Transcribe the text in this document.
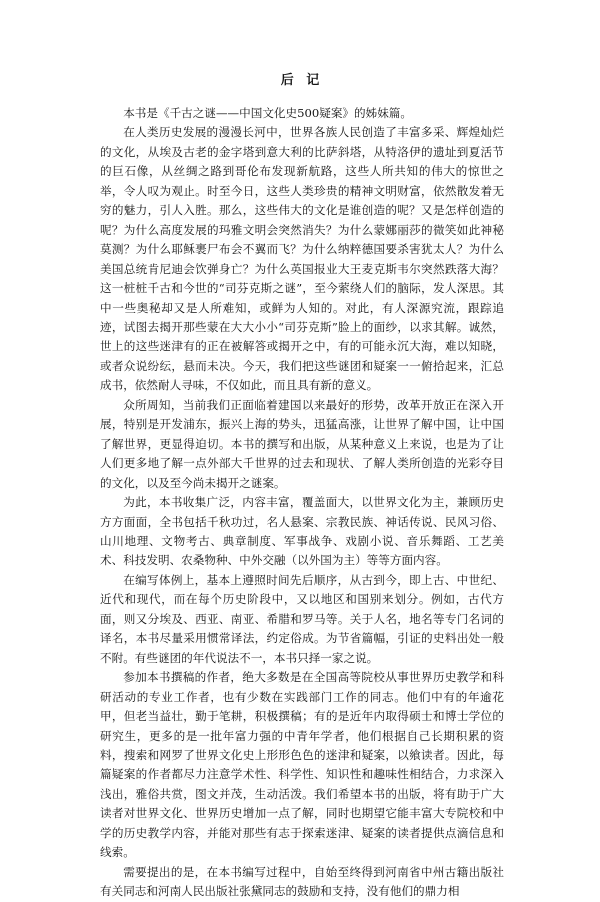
后 记

本书是《千古之谜——中国文化史500疑案》的姊妹篇。

在人类历史发展的漫漫长河中，世界各族人民创造了丰富多采、辉煌灿烂的文化，从埃及古老的金字塔到意大利的比萨斜塔，从特洛伊的遗址到夏活节的巨石像，从丝绸之路到哥伦布发现新航路，这些人所共知的伟大的惊世之举，令人叹为观止。时至今日，这些人类珍贵的精神文明财富，依然散发着无穷的魅力，引人入胜。那么，这些伟大的文化是谁创造的呢？又是怎样创造的呢？为什么高度发展的玛雅文明会突然消失？为什么蒙娜丽莎的微笑如此神秘莫测？为什么耶稣裹尸布会不翼而飞？为什么纳粹德国要杀害犹太人？为什么美国总统肯尼迪会饮弹身亡？为什么英国报业大王麦克斯韦尔突然跌落大海？这一桩桩千古和今世的“司芬克斯之谜”，至今萦绕人们的脑际，发人深思。其中一些奥秘却又是人所难知，或鲜为人知的。对此，有人深源究流，跟踪追迹，试图去揭开那些蒙在大大小小“司芬克斯”脸上的面纱，以求其解。诚然，世上的这些迷津有的正在被解答或揭开之中，有的可能永沉大海，难以知晓，或者众说纷纭，悬而未决。今天，我们把这些谜团和疑案一一俯拾起来，汇总成书，依然耐人寻味，不仅如此，而且具有新的意义。

众所周知，当前我们正面临着建国以来最好的形势，改革开放正在深入开展，特别是开发浦东，振兴上海的势头，迅猛高涨，让世界了解中国，让中国了解世界，更显得迫切。本书的撰写和出版，从某种意义上来说，也是为了让人们更多地了解一点外部大千世界的过去和现状、了解人类所创造的光彩夺目的文化，以及至今尚未揭开之谜案。

为此，本书收集广泛，内容丰富，覆盖面大，以世界文化为主，兼顾历史方方面面，全书包括千秋功过，名人悬案、宗教民族、神话传说、民风习俗、山川地理、文物考古、典章制度、军事战争、戏剧小说、音乐舞蹈、工艺美术、科技发明、农桑物种、中外交融（以外国为主）等等方面内容。

在编写体例上，基本上遵照时间先后顺序，从古到今，即上古、中世纪、近代和现代，而在每个历史阶段中，又以地区和国别来划分。例如，古代方面，则又分埃及、西亚、南亚、希腊和罗马等。关于人名，地名等专门名词的译名，本书尽量采用惯常译法，约定俗成。为节省篇幅，引证的史料出处一般不附。有些谜团的年代说法不一，本书只择一家之说。

参加本书撰稿的作者，绝大多数是在全国高等院校从事世界历史教学和科研活动的专业工作者，也有少数在实践部门工作的同志。他们中有的年逾花甲，但老当益壮，勤于笔耕，积极撰稿；有的是近年内取得硕士和博士学位的研究生，更多的是一批年富力强的中青年学者，他们根据自己长期积累的资料，搜索和网罗了世界文化史上形形色色的迷津和疑案，以飨读者。因此，每篇疑案的作者都尽力注意学术性、科学性、知识性和趣味性相结合，力求深入浅出，雅俗共赏，图文并茂，生动活泼。我们希望本书的出版，将有助于广大读者对世界文化、世界历史增加一点了解，同时也期望它能丰富大专院校和中学的历史教学内容，并能对那些有志于探索迷津、疑案的读者提供点滴信息和线索。

需要提出的是，在本书编写过程中，自始至终得到河南省中州古籍出版社有关同志和河南人民出版社张黛同志的鼓励和支持，没有他们的鼎力相
